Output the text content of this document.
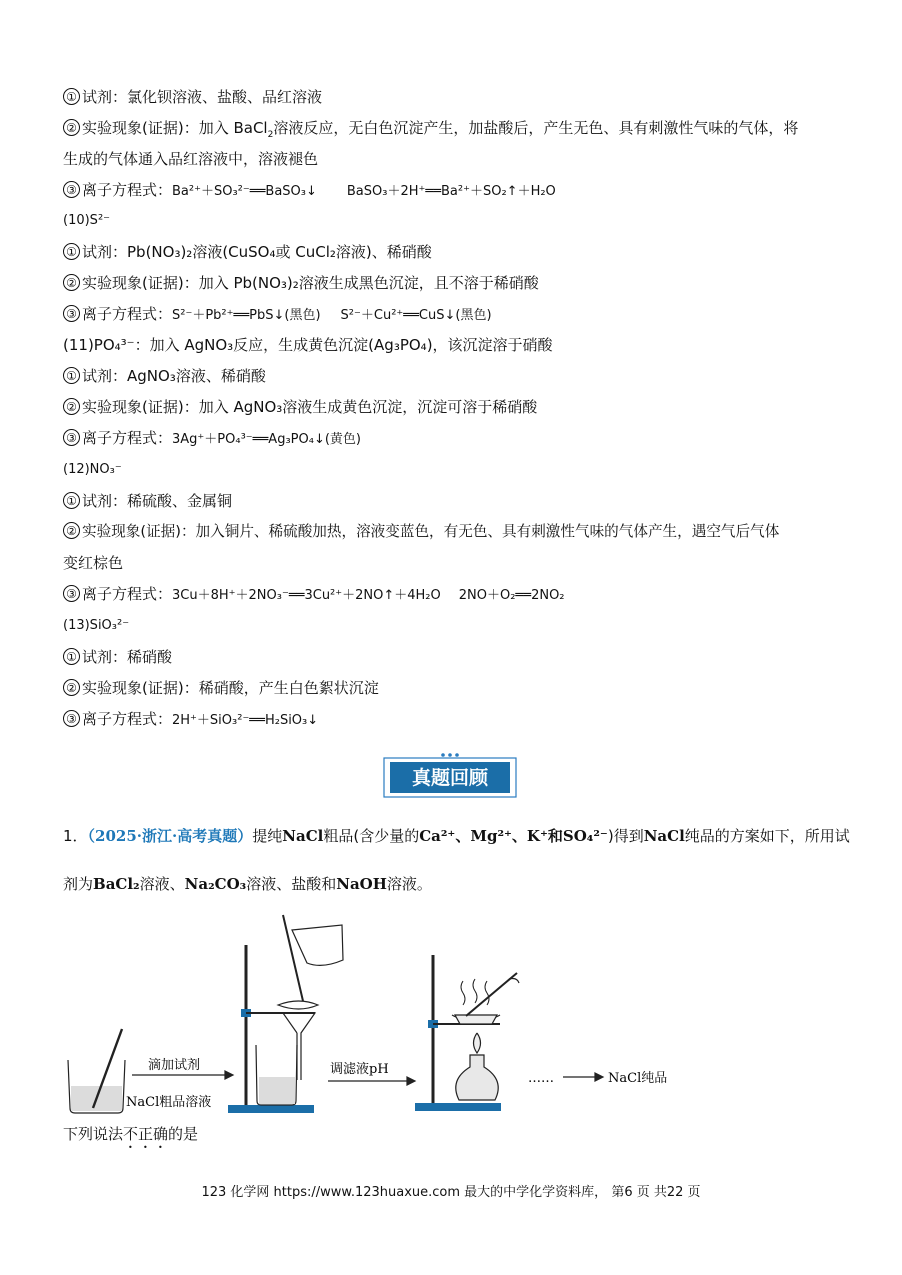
① 试剂：氯化钡溶液、盐酸、品红溶液
② 实验现象(证据)：加入 BaCl$_2$溶液反应，无白色沉淀产生，加盐酸后，产生无色、具有刺激性气味的气体，将
生成的气体通入品红溶液中，溶液褪色
③ 离子方程式：Ba²⁺＋SO₃²⁻══BaSO₃↓ BaSO₃＋2H⁺══Ba²⁺＋SO₂↑＋H₂O
(10)S²⁻
① 试剂：Pb(NO₃)₂溶液(CuSO₄或 CuCl₂溶液)、稀硝酸
② 实验现象(证据)：加入 Pb(NO₃)₂溶液生成黑色沉淀，且不溶于稀硝酸
③ 离子方程式：S²⁻＋Pb²⁺══PbS↓(黑色) S²⁻＋Cu²⁺══CuS↓(黑色)
(11)PO₄³⁻：加入 AgNO₃反应，生成黄色沉淀(Ag₃PO₄)，该沉淀溶于硝酸
① 试剂：AgNO₃溶液、稀硝酸
② 实验现象(证据)：加入 AgNO₃溶液生成黄色沉淀，沉淀可溶于稀硝酸
③ 离子方程式：3Ag⁺＋PO₄³⁻══Ag₃PO₄↓(黄色)
(12)NO₃⁻
① 试剂：稀硫酸、金属铜
② 实验现象(证据)：加入铜片、稀硫酸加热，溶液变蓝色，有无色、具有刺激性气味的气体产生，遇空气后气体
变红棕色
③ 离子方程式：3Cu＋8H⁺＋2NO₃⁻══3Cu²⁺＋2NO↑＋4H₂O 2NO＋O₂══2NO₂
(13)SiO₃²⁻
① 试剂：稀硝酸
② 实验现象(证据)：稀硝酸，产生白色絮状沉淀
③ 离子方程式：2H⁺＋SiO₃²⁻══H₂SiO₃↓
真题回顾
1．（2025·浙江·高考真题）提纯NaCl粗品(含少量的Ca²⁺、Mg²⁺、K⁺和SO₄²⁻)得到NaCl纯品的方案如下，所用试
剂为BaCl₂溶液、Na₂CO₃溶液、盐酸和NaOH溶液。
滴加试剂
NaCl粗品溶液
调滤液pH
……	NaCl纯品
下列说法不正确的是
123 化学网 https://www.123huaxue.com 最大的中学化学资料库， 第6 页 共22 页
